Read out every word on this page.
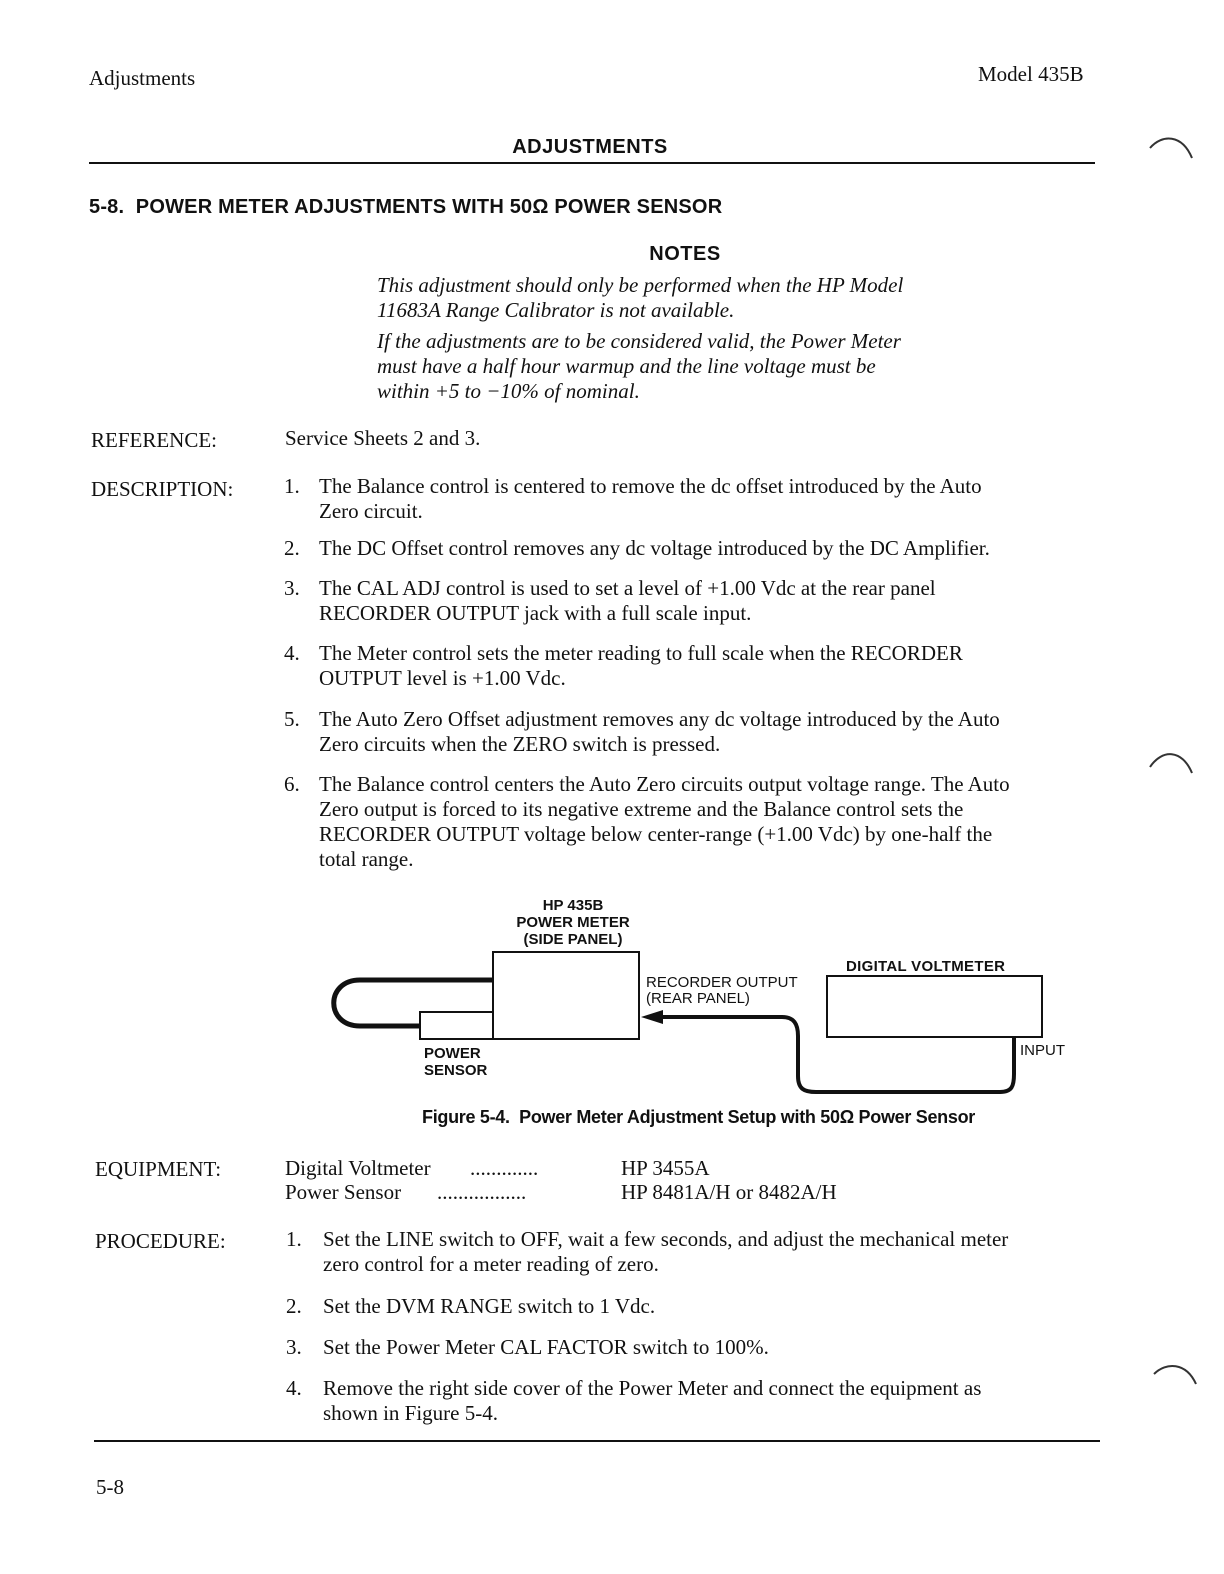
Adjustments	Model 435B
ADJUSTMENTS
5-8.  POWER METER ADJUSTMENTS WITH 50Ω POWER SENSOR
NOTES
This adjustment should only be performed when the HP Model
11683A Range Calibrator is not available.
If the adjustments are to be considered valid, the Power Meter
must have a half hour warmup and the line voltage must be
within +5 to −10% of nominal.
REFERENCE:	Service Sheets 2 and 3.
DESCRIPTION: 1. The Balance control is centered to remove the dc offset introduced by the Auto
Zero circuit.
2. The DC Offset control removes any dc voltage introduced by the DC Amplifier.
3. The CAL ADJ control is used to set a level of +1.00 Vdc at the rear panel
RECORDER OUTPUT jack with a full scale input.
4. The Meter control sets the meter reading to full scale when the RECORDER
OUTPUT level is +1.00 Vdc.
5. The Auto Zero Offset adjustment removes any dc voltage introduced by the Auto
Zero circuits when the ZERO switch is pressed.
6. The Balance control centers the Auto Zero circuits output voltage range. The Auto
Zero output is forced to its negative extreme and the Balance control sets the
RECORDER OUTPUT voltage below center-range (+1.00 Vdc) by one-half the
total range.
HP 435B
POWER METER
(SIDE PANEL)
RECORDER OUTPUT
(REAR PANEL)
DIGITAL VOLTMETER
INPUT
POWER
SENSOR
Figure 5-4.  Power Meter Adjustment Setup with 50Ω Power Sensor
EQUIPMENT:	Digital Voltmeter .............	HP 3455A
Power Sensor .................	HP 8481A/H or 8482A/H
PROCEDURE:	1.	Set the LINE switch to OFF, wait a few seconds, and adjust the mechanical meter
zero control for a meter reading of zero.
2.	Set the DVM RANGE switch to 1 Vdc.
3.	Set the Power Meter CAL FACTOR switch to 100%.
4.	Remove the right side cover of the Power Meter and connect the equipment as
shown in Figure 5-4.
5-8
